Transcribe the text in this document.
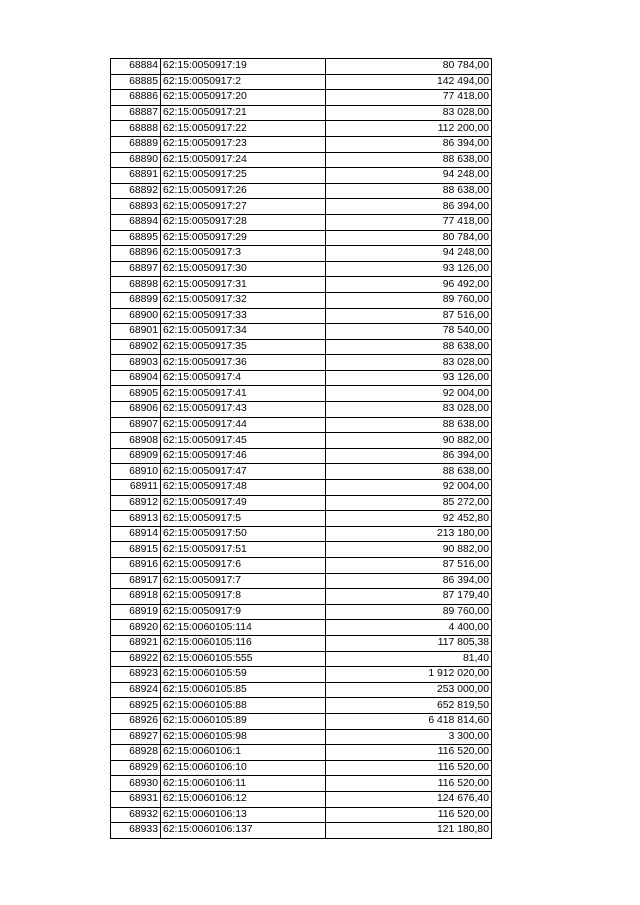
68884	62:15:0050917:19	80 784,00
68885	62:15:0050917:2	142 494,00
68886	62:15:0050917:20	77 418,00
68887	62:15:0050917:21	83 028,00
68888	62:15:0050917:22	112 200,00
68889	62:15:0050917:23	86 394,00
68890	62:15:0050917:24	88 638,00
68891	62:15:0050917:25	94 248,00
68892	62:15:0050917:26	88 638,00
68893	62:15:0050917:27	86 394,00
68894	62:15:0050917:28	77 418,00
68895	62:15:0050917:29	80 784,00
68896	62:15:0050917:3	94 248,00
68897	62:15:0050917:30	93 126,00
68898	62:15:0050917:31	96 492,00
68899	62:15:0050917:32	89 760,00
68900	62:15:0050917:33	87 516,00
68901	62:15:0050917:34	78 540,00
68902	62:15:0050917:35	88 638,00
68903	62:15:0050917:36	83 028,00
68904	62:15:0050917:4	93 126,00
68905	62:15:0050917:41	92 004,00
68906	62:15:0050917:43	83 028,00
68907	62:15:0050917:44	88 638,00
68908	62:15:0050917:45	90 882,00
68909	62:15:0050917:46	86 394,00
68910	62:15:0050917:47	88 638,00
68911	62:15:0050917:48	92 004,00
68912	62:15:0050917:49	85 272,00
68913	62:15:0050917:5	92 452,80
68914	62:15:0050917:50	213 180,00
68915	62:15:0050917:51	90 882,00
68916	62:15:0050917:6	87 516,00
68917	62:15:0050917:7	86 394,00
68918	62:15:0050917:8	87 179,40
68919	62:15:0050917:9	89 760,00
68920	62:15:0060105:114	4 400,00
68921	62:15:0060105:116	117 805,38
68922	62:15:0060105:555	81,40
68923	62:15:0060105:59	1 912 020,00
68924	62:15:0060105:85	253 000,00
68925	62:15:0060105:88	652 819,50
68926	62:15:0060105:89	6 418 814,60
68927	62:15:0060105:98	3 300,00
68928	62:15:0060106:1	116 520,00
68929	62:15:0060106:10	116 520,00
68930	62:15:0060106:11	116 520,00
68931	62:15:0060106:12	124 676,40
68932	62:15:0060106:13	116 520,00
68933	62:15:0060106:137	121 180,80
